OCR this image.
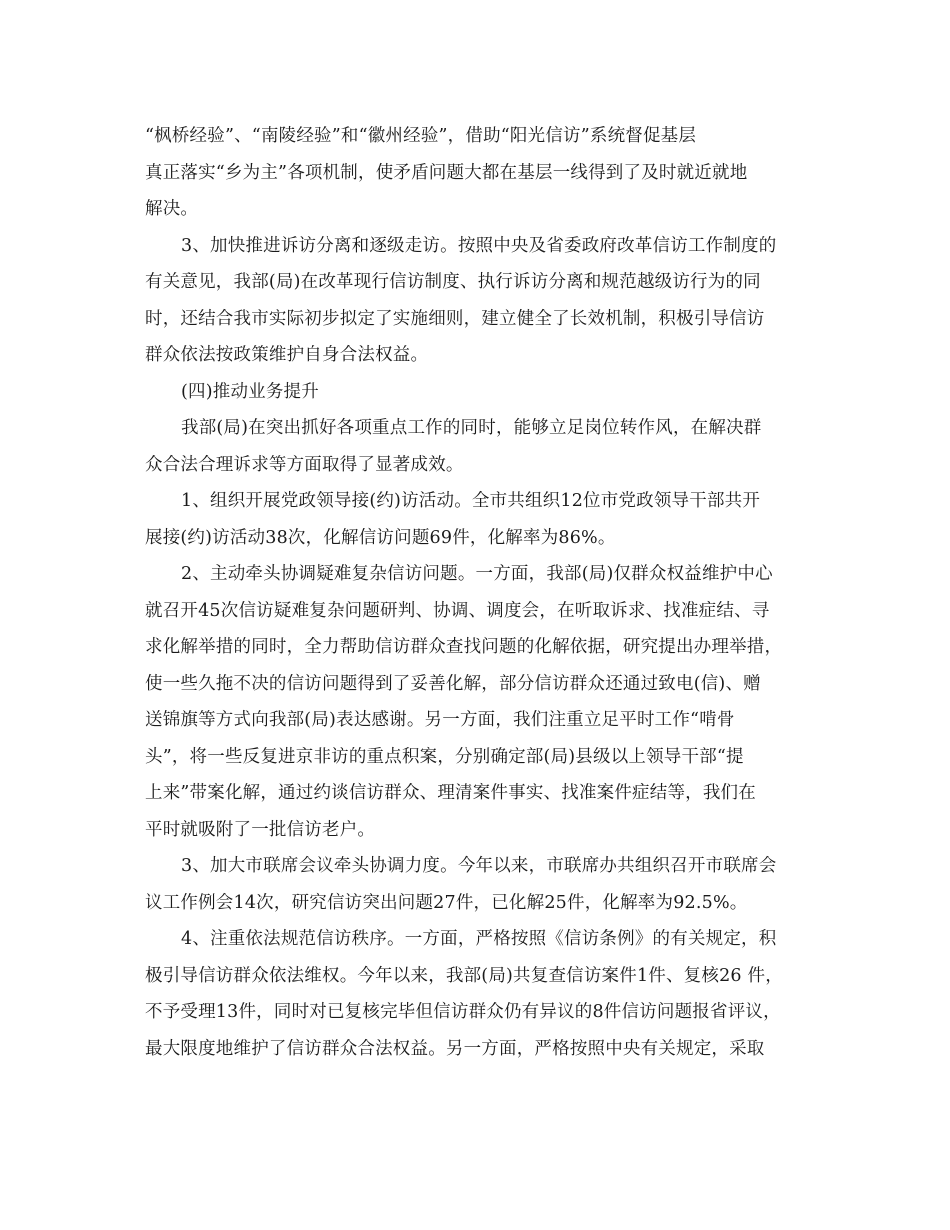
“枫桥经验”、“南陵经验”和“徽州经验”，借助“阳光信访”系统督促基层
真正落实“乡为主”各项机制，使矛盾问题大都在基层一线得到了及时就近就地
解决。
3、加快推进诉访分离和逐级走访。按照中央及省委政府改革信访工作制度的
有关意见，我部(局)在改革现行信访制度、执行诉访分离和规范越级访行为的同
时，还结合我市实际初步拟定了实施细则，建立健全了长效机制，积极引导信访
群众依法按政策维护自身合法权益。
(四)推动业务提升
我部(局)在突出抓好各项重点工作的同时，能够立足岗位转作风，在解决群
众合法合理诉求等方面取得了显著成效。
1、组织开展党政领导接(约)访活动。全市共组织12位市党政领导干部共开
展接(约)访活动38次，化解信访问题69件，化解率为86%。
2、主动牵头协调疑难复杂信访问题。一方面，我部(局)仅群众权益维护中心
就召开45次信访疑难复杂问题研判、协调、调度会，在听取诉求、找准症结、寻
求化解举措的同时，全力帮助信访群众查找问题的化解依据，研究提出办理举措，
使一些久拖不决的信访问题得到了妥善化解，部分信访群众还通过致电(信)、赠
送锦旗等方式向我部(局)表达感谢。另一方面，我们注重立足平时工作“啃骨
头”，将一些反复进京非访的重点积案，分别确定部(局)县级以上领导干部“提
上来”带案化解，通过约谈信访群众、理清案件事实、找准案件症结等，我们在
平时就吸附了一批信访老户。
3、加大市联席会议牵头协调力度。今年以来，市联席办共组织召开市联席会
议工作例会14次，研究信访突出问题27件，已化解25件，化解率为92.5%。
4、注重依法规范信访秩序。一方面，严格按照《信访条例》的有关规定，积
极引导信访群众依法维权。今年以来，我部(局)共复查信访案件1件、复核26 件，
不予受理13件，同时对已复核完毕但信访群众仍有异议的8件信访问题报省评议，
最大限度地维护了信访群众合法权益。另一方面，严格按照中央有关规定，采取
